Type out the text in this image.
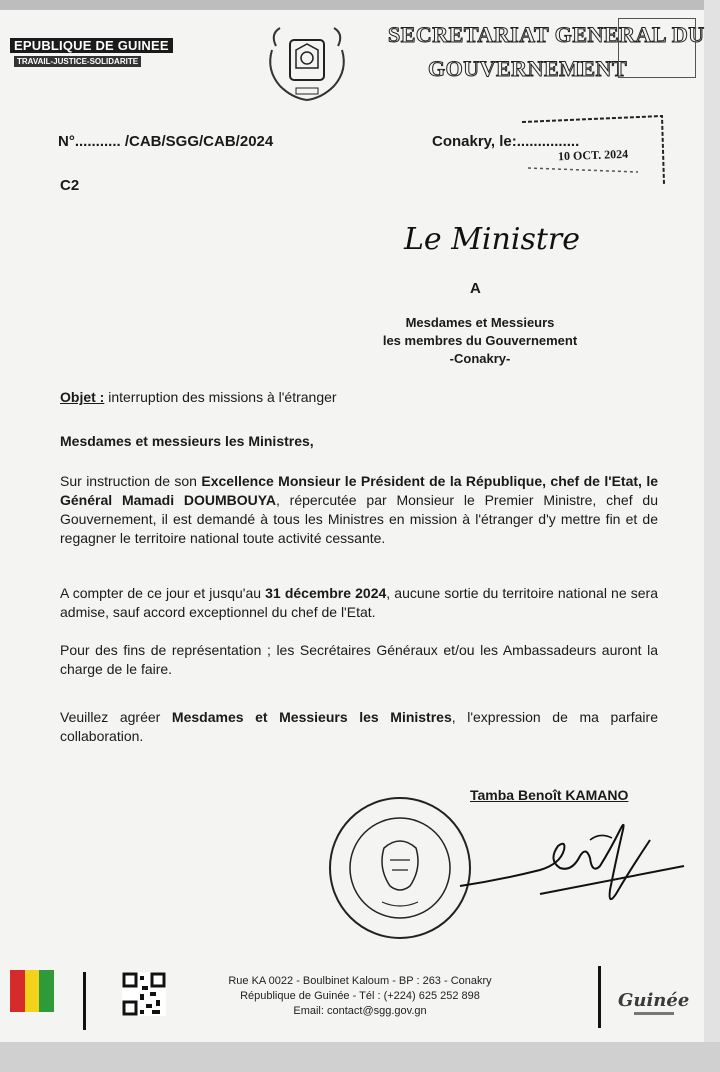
EPUBLIQUE DE GUINEE
TRAVAIL-JUSTICE-SOLIDARITE
SECRETARIAT GENERAL DU
GOUVERNEMENT
N°........... /CAB/SGG/CAB/2024	Conakry, le:...............
10 OCT. 2024
C2
Le Ministre
A
Mesdames et Messieurs
les membres du Gouvernement
-Conakry-
Objet : interruption des missions à l'étranger
Mesdames et messieurs les Ministres,
Sur instruction de son Excellence Monsieur le Président de la République, chef de l'Etat, le Général Mamadi DOUMBOUYA, répercutée par Monsieur le Premier Ministre, chef du Gouvernement, il est demandé à tous les Ministres en mission à l'étranger d'y mettre fin et de regagner le territoire national toute activité cessante.
A compter de ce jour et jusqu'au 31 décembre 2024, aucune sortie du territoire national ne sera admise, sauf accord exceptionnel du chef de l'Etat.
Pour des fins de représentation ; les Secrétaires Généraux et/ou les Ambassadeurs auront la charge de le faire.
Veuillez agréer Mesdames et Messieurs les Ministres, l'expression de ma parfaire collaboration.
Tamba Benoît KAMANO
Rue KA 0022 - Boulbinet Kaloum - BP : 263 - Conakry
République de Guinée - Tél : (+224) 625 252 898
Email: contact@sgg.gov.gn	Guinée
